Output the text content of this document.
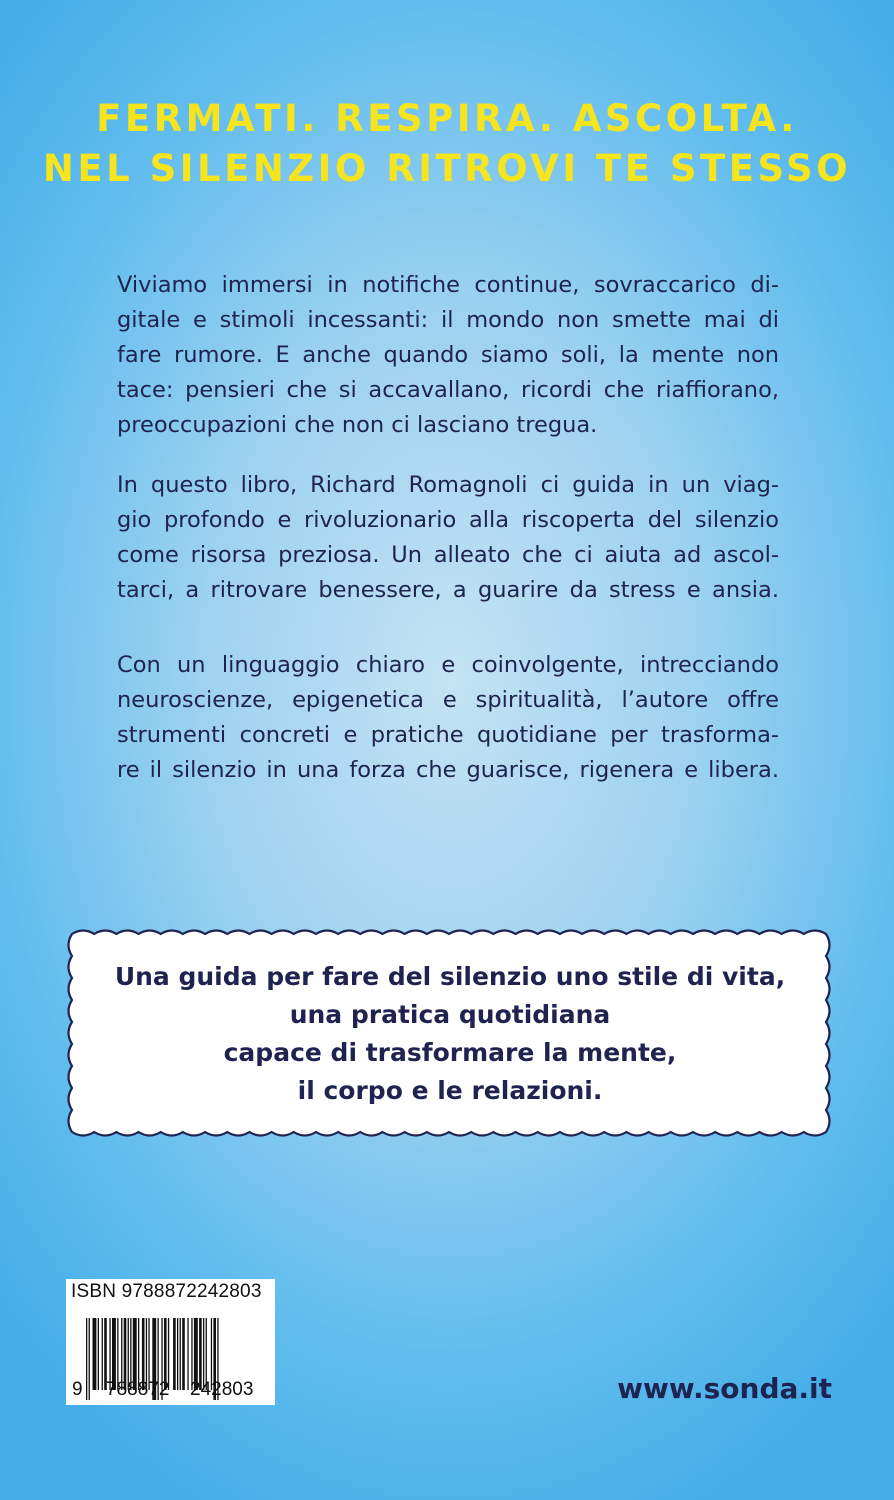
FERMATI. RESPIRA. ASCOLTA.
NEL SILENZIO RITROVI TE STESSO
Viviamo immersi in notifiche continue, sovraccarico di-
gitale e stimoli incessanti: il mondo non smette mai di
fare rumore. E anche quando siamo soli, la mente non
tace: pensieri che si accavallano, ricordi che riaffiorano,
preoccupazioni che non ci lasciano tregua.
In questo libro, Richard Romagnoli ci guida in un viag-
gio profondo e rivoluzionario alla riscoperta del silenzio
come risorsa preziosa. Un alleato che ci aiuta ad ascol-
tarci, a ritrovare benessere, a guarire da stress e ansia.
Con un linguaggio chiaro e coinvolgente, intrecciando
neuroscienze, epigenetica e spiritualità, l’autore offre
strumenti concreti e pratiche quotidiane per trasforma-
re il silenzio in una forza che guarisce, rigenera e libera.
Una guida per fare del silenzio uno stile di vita,
una pratica quotidiana
capace di trasformare la mente,
il corpo e le relazioni.
ISBN 9788872242803
9 788872 242803	www.sonda.it
